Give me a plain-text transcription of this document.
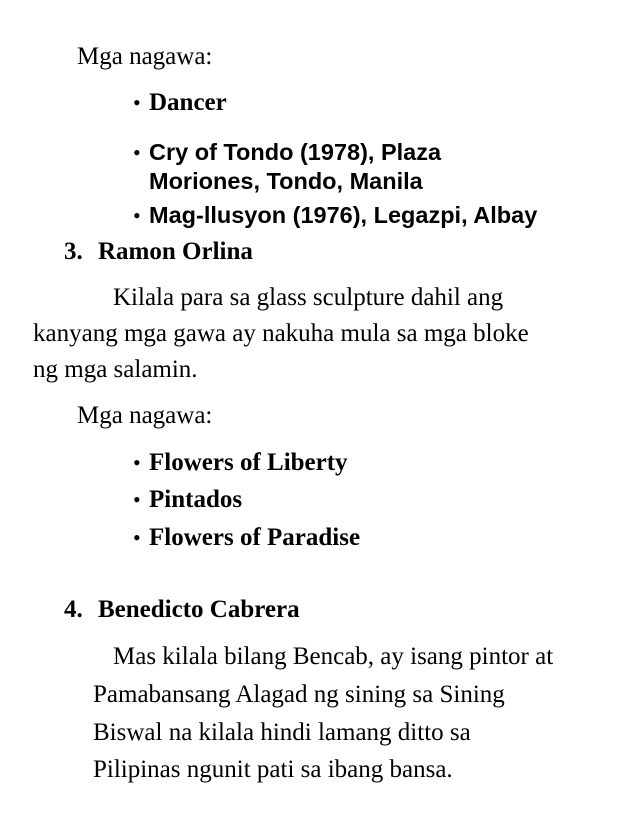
Mga nagawa:
• Dancer
• Cry of Tondo (1978), Plaza
Moriones, Tondo, Manila
• Mag-llusyon (1976), Legazpi, Albay
3. Ramon Orlina
Kilala para sa glass sculpture dahil ang
kanyang mga gawa ay nakuha mula sa mga bloke
ng mga salamin.
Mga nagawa:
• Flowers of Liberty
• Pintados
• Flowers of Paradise
4. Benedicto Cabrera
Mas kilala bilang Bencab, ay isang pintor at
Pamabansang Alagad ng sining sa Sining
Biswal na kilala hindi lamang ditto sa
Pilipinas ngunit pati sa ibang bansa.
